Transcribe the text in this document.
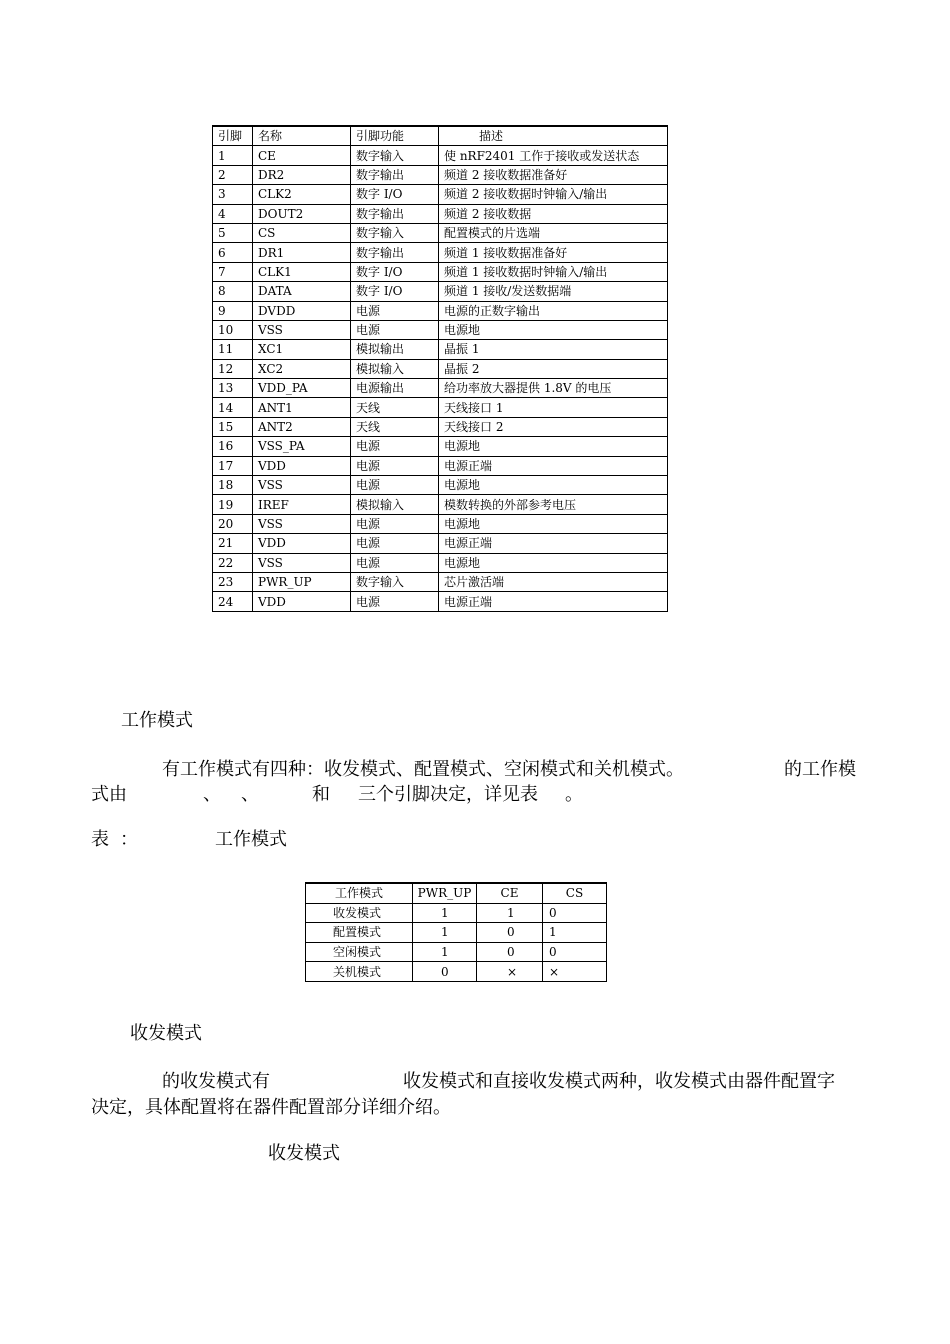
引脚	名称	引脚功能	描述
1	CE	数字输入	使 nRF2401 工作于接收或发送状态
2	DR2	数字输出	频道 2 接收数据准备好
3	CLK2	数字 I/O	频道 2 接收数据时钟输入/输出
4	DOUT2	数字输出	频道 2 接收数据
5	CS	数字输入	配置模式的片选端
6	DR1	数字输出	频道 1 接收数据准备好
7	CLK1	数字 I/O	频道 1 接收数据时钟输入/输出
8	DATA	数字 I/O	频道 1 接收/发送数据端
9	DVDD	电源	电源的正数字输出
10	VSS	电源	电源地
11	XC1	模拟输出	晶振 1
12	XC2	模拟输入	晶振 2
13	VDD_PA	电源输出	给功率放大器提供 1.8V 的电压
14	ANT1	天线	天线接口 1
15	ANT2	天线	天线接口 2
16	VSS_PA	电源	电源地
17	VDD	电源	电源正端
18	VSS	电源	电源地
19	IREF	模拟输入	模数转换的外部参考电压
20	VSS	电源	电源地
21	VDD	电源	电源正端
22	VSS	电源	电源地
23	PWR_UP	数字输入	芯片激活端
24	VDD	电源	电源正端
工作模式
有工作模式有四种：收发模式、配置模式、空闲模式和关机模式。	的工作模
式由	、 、	和 三个引脚决定，详见表 。
表 ：	工作模式
工作模式	PWR_UP	CE	CS
收发模式	1	1	0
配置模式	1	0	1
空闲模式	1	0	0
关机模式	0	×	×
收发模式
的收发模式有	收发模式和直接收发模式两种，收发模式由器件配置字
决定，具体配置将在器件配置部分详细介绍。
收发模式
